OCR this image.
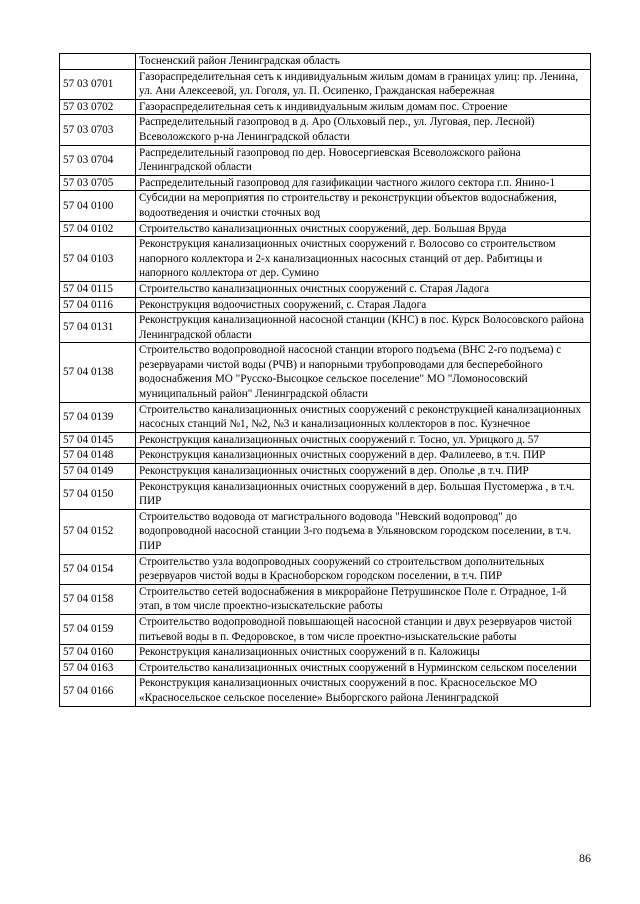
	Тосненский район Ленинградская область
57 03 0701	Газораспределительная сеть к индивидуальным жилым домам в границах улиц: пр. Ленина, ул. Ани Алексеевой, ул. Гоголя, ул. П. Осипенко, Гражданская набережная
57 03 0702	Газораспределительная сеть к индивидуальным жилым домам пос. Строение
57 03 0703	Распределительный газопровод в д. Аро (Ольховый пер., ул. Луговая, пер. Лесной) Всеволожского р-на Ленинградской области
57 03 0704	Распределительный газопровод по дер. Новосергиевская Всеволожского района Ленинградской области
57 03 0705	Распределительный газопровод для газификации частного жилого сектора г.п. Янино-1
57 04 0100	Субсидии на мероприятия по строительству и реконструкции объектов водоснабжения, водоотведения и очистки сточных вод
57 04 0102	Строительство канализационных очистных сооружений, дер. Большая Вруда
57 04 0103	Реконструкция канализационных очистных сооружений г. Волосово со строительством напорного коллектора и 2-х канализационных насосных станций от дер. Рабитицы и напорного коллектора от дер. Сумино
57 04 0115	Строительство канализационных очистных сооружений с. Старая Ладога
57 04 0116	Реконструкция водоочистных сооружений, с. Старая Ладога
57 04 0131	Реконструкция канализационной насосной станции (КНС) в пос. Курск Волосовского района Ленинградской области
57 04 0138	Строительство водопроводной насосной станции второго подъема (ВНС 2-го подъема) с резервуарами чистой воды (РЧВ) и напорными трубопроводами для бесперебойного водоснабжения МО "Русско-Высоцкое сельское поселение" МО "Ломоносовский муниципальный район" Ленинградской области
57 04 0139	Строительство канализационных очистных сооружений с реконструкцией канализационных насосных станций №1, №2, №3 и канализационных коллекторов в пос. Кузнечное
57 04 0145	Реконструкция канализационных очистных сооружений г. Тосно, ул. Урицкого д. 57
57 04 0148	Реконструкция канализационных очистных сооружений в дер. Фалилеево, в т.ч. ПИР
57 04 0149	Реконструкция канализационных очистных сооружений в дер. Ополье ,в т.ч. ПИР
57 04 0150	Реконструкция канализационных очистных сооружений в дер. Большая Пустомержа , в т.ч. ПИР
57 04 0152	Строительство водовода от магистрального водовода "Невский водопровод" до водопроводной насосной станции 3-го подъема в Ульяновском городском поселении, в т.ч. ПИР
57 04 0154	Строительство узла водопроводных сооружений со строительством дополнительных резервуаров чистой воды в Красноборском городском поселении, в т.ч. ПИР
57 04 0158	Строительство сетей водоснабжения в микрорайоне Петрушинское Поле г. Отрадное, 1-й этап, в том числе проектно-изыскательские работы
57 04 0159	Строительство водопроводной повышающей насосной станции и двух резервуаров чистой питьевой воды в п. Федоровское, в том числе проектно-изыскательские работы
57 04 0160	Реконструкция канализационных очистных сооружений в п. Каложицы
57 04 0163	Строительство канализационных очистных сооружений в Нурминском сельском поселении
57 04 0166	Реконструкция канализационных очистных сооружений в пос. Красносельское МО «Красносельское сельское поселение» Выборгского района Ленинградской
86
